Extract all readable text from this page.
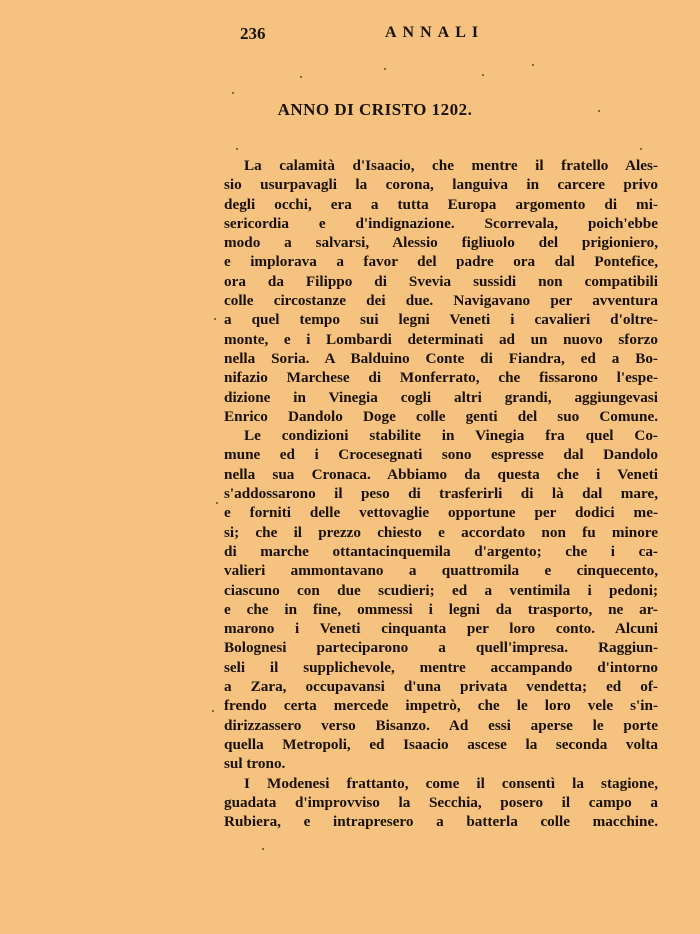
236	ANNALI
ANNO DI CRISTO 1202.
La calamità d'Isaacio, che mentre il fratello Ales-
sio usurpavagli la corona, languiva in carcere privo
degli occhi, era a tutta Europa argomento di mi-
sericordia e d'indignazione. Scorrevala, poich'ebbe
modo a salvarsi, Alessio figliuolo del prigioniero,
e implorava a favor del padre ora dal Pontefice,
ora da Filippo di Svevia sussidi non compatibili
colle circostanze dei due. Navigavano per avventura
a quel tempo sui legni Veneti i cavalieri d'oltre-
monte, e i Lombardi determinati ad un nuovo sforzo
nella Soria. A Balduino Conte di Fiandra, ed a Bo-
nifazio Marchese di Monferrato, che fissarono l'espe-
dizione in Vinegia cogli altri grandi, aggiungevasi
Enrico Dandolo Doge colle genti del suo Comune.
Le condizioni stabilite in Vinegia fra quel Co-
mune ed i Crocesegnati sono espresse dal Dandolo
nella sua Cronaca. Abbiamo da questa che i Veneti
s'addossarono il peso di trasferirli di là dal mare,
e forniti delle vettovaglie opportune per dodici me-
si; che il prezzo chiesto e accordato non fu minore
di marche ottantacinquemila d'argento; che i ca-
valieri ammontavano a quattromila e cinquecento,
ciascuno con due scudieri; ed a ventimila i pedoni;
e che in fine, ommessi i legni da trasporto, ne ar-
marono i Veneti cinquanta per loro conto. Alcuni
Bolognesi parteciparono a quell'impresa. Raggiun-
seli il supplichevole, mentre accampando d'intorno
a Zara, occupavansi d'una privata vendetta; ed of-
frendo certa mercede impetrò, che le loro vele s'in-
dirizzassero verso Bisanzo. Ad essi aperse le porte
quella Metropoli, ed Isaacio ascese la seconda volta
sul trono.
I Modenesi frattanto, come il consentì la stagione,
guadata d'improvviso la Secchia, posero il campo a
Rubiera, e intrapresero a batterla colle macchine.
